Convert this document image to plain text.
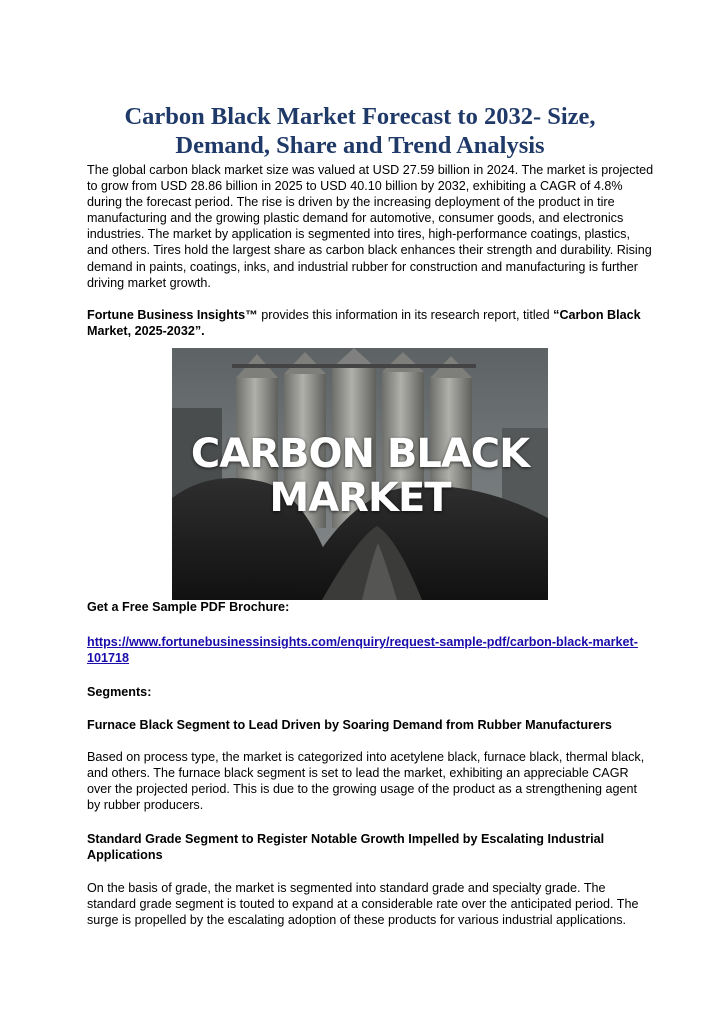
Carbon Black Market Forecast to 2032- Size,
Demand, Share and Trend Analysis

The global carbon black market size was valued at USD 27.59 billion in 2024. The market is projected
to grow from USD 28.86 billion in 2025 to USD 40.10 billion by 2032, exhibiting a CAGR of 4.8%
during the forecast period. The rise is driven by the increasing deployment of the product in tire
manufacturing and the growing plastic demand for automotive, consumer goods, and electronics
industries. The market by application is segmented into tires, high-performance coatings, plastics,
and others. Tires hold the largest share as carbon black enhances their strength and durability. Rising
demand in paints, coatings, inks, and industrial rubber for construction and manufacturing is further
driving market growth.

Fortune Business Insights™ provides this information in its research report, titled “Carbon Black
Market, 2025-2032”.

CARBON BLACK
MARKET

Get a Free Sample PDF Brochure:

https://www.fortunebusinessinsights.com/enquiry/request-sample-pdf/carbon-black-market-
101718

Segments:

Furnace Black Segment to Lead Driven by Soaring Demand from Rubber Manufacturers

Based on process type, the market is categorized into acetylene black, furnace black, thermal black,
and others. The furnace black segment is set to lead the market, exhibiting an appreciable CAGR
over the projected period. This is due to the growing usage of the product as a strengthening agent
by rubber producers.

Standard Grade Segment to Register Notable Growth Impelled by Escalating Industrial
Applications

On the basis of grade, the market is segmented into standard grade and specialty grade. The
standard grade segment is touted to expand at a considerable rate over the anticipated period. The
surge is propelled by the escalating adoption of these products for various industrial applications.
